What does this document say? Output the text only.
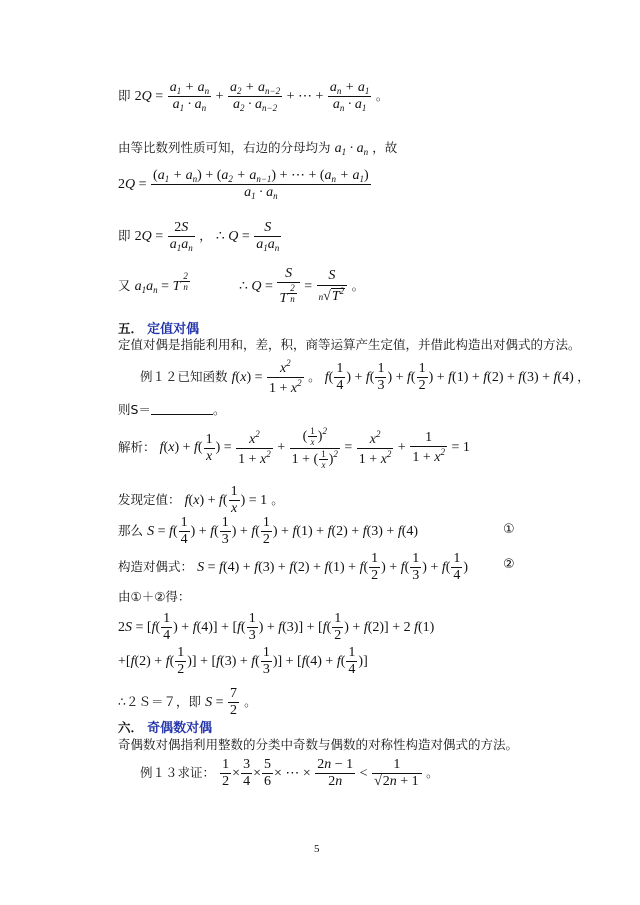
即 $2Q = \frac{a_1 + a_n}{a_1 \cdot a_n} + \frac{a_2 + a_{n-2}}{a_2 \cdot a_{n-2}}$ + ⋯ + $\frac{a_n + a_1}{a_n \cdot a_1}$ 。
由等比数列性质可知，右边的分母均为 $a_1 \cdot a_n$ ，故
$2Q = \frac{(a_1 + a_n) + (a_2 + a_{n-1}) + \cdots + (a_n + a_1)}{a_1 \cdot a_n}$
即 $2Q = \frac{2S}{a_1a_n}$ ， ∴ $Q = \frac{S}{a_1a_n}$
又 $a_1a_n = T$ $^{\frac{2}{n}}$	∴ Q = S
T $^{\frac{2}{n}} = \frac{S}{n√T^2}$ 。
五． 定值对偶
定值对偶是指能利用和，差，积，商等运算产生定值，并借此构造出对偶式的方法。
例１２已知函数 $f(x) = \frac{x^2}{1 + x^2}$ 。 $f( \frac{1}{4}$ ) + $f( \frac{1}{3}$ ) + $f( \frac{1}{2}$ ) + f(1) + f(2) + f(3) + f(4) ，
则S＝	。
解析： $f(x) + f( \frac{1}{x}$ ) = $\frac{x^2}{1 + x^2} + \frac{( \frac{1}{x} )^2}{1 + ( \frac{1}{x} )^2} = \frac{x^2}{1 + x^2} + \frac{1}{1 + x^2} = 1$
发现定值： $f(x) + f( \frac{1}{x}$ ) = 1 。
那么 $S = f( \frac{1}{4}$ ) + $f( \frac{1}{3}$ ) + $f( \frac{1}{2}$ ) + f(1) + f(2) + f(3) + f(4)	①
构造对偶式： $S = f(4) + f(3) + f(2) + f(1) + f( \frac{1}{2}$ ) + $f( \frac{1}{3}$ ) + $f( \frac{1}{4}$ )	②
由①＋②得：
$2S = [f( \frac{1}{4}$ ) + $f(4)] + [f( \frac{1}{3}$ ) + $f(3)] + [f( \frac{1}{2}$ ) + f(2)] + 2 f(1)
$+[f(2) + f( \frac{1}{2}$ )] + [$f(3) + f( \frac{1}{3}$ )] + [$f(4) + f( \frac{1}{4}$ )]
∴２Ｓ＝７，即 $S = \frac{7}{2}$ 。
六． 奇偶数对偶
奇偶数对偶指利用整数的分类中奇数与偶数的对称性构造对偶式的方法。
例１３求证： $\frac{1}{2} \times \frac{3}{4} \times \frac{5}{6}$ × ⋯ × $\frac{2n - 1}{2n} < \frac{1}{√2n + 1}$ 。
5
